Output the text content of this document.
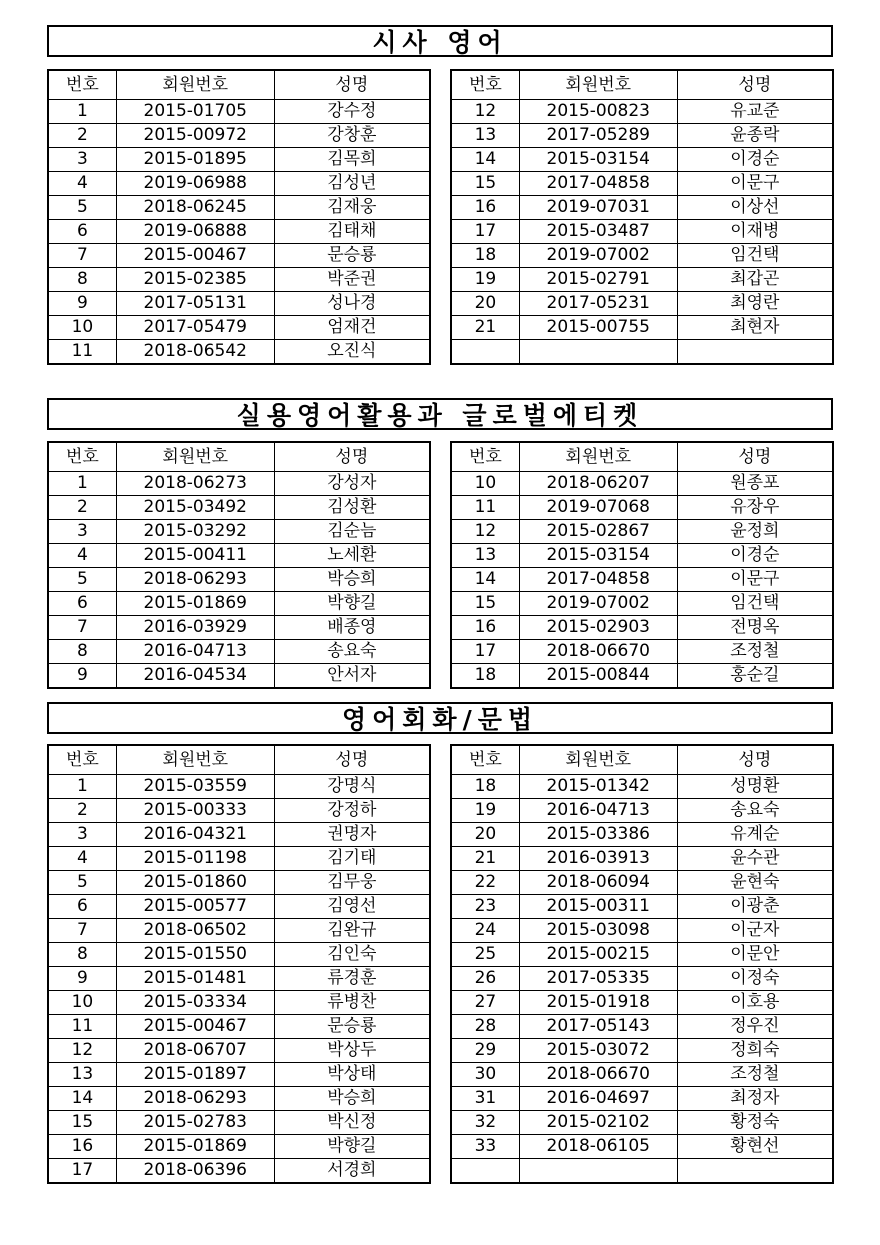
시사 영어
번호	회원번호	성명
1	2015-01705	강수정
2	2015-00972	강창훈
3	2015-01895	김목희
4	2019-06988	김성년
5	2018-06245	김재웅
6	2019-06888	김태채
7	2015-00467	문승룡
8	2015-02385	박준권
9	2017-05131	성나경
10	2017-05479	엄재건
11	2018-06542	오진식
번호	회원번호	성명
12	2015-00823	유교준
13	2017-05289	윤종락
14	2015-03154	이경순
15	2017-04858	이문구
16	2019-07031	이상선
17	2015-03487	이재병
18	2019-07002	임건택
19	2015-02791	최갑곤
20	2017-05231	최영란
21	2015-00755	최현자

실용영어활용과 글로벌에티켓
번호	회원번호	성명
1	2018-06273	강성자
2	2015-03492	김성환
3	2015-03292	김순늠
4	2015-00411	노세환
5	2018-06293	박승희
6	2015-01869	박향길
7	2016-03929	배종영
8	2016-04713	송요숙
9	2016-04534	안서자
번호	회원번호	성명
10	2018-06207	원종포
11	2019-07068	유장우
12	2015-02867	윤정희
13	2015-03154	이경순
14	2017-04858	이문구
15	2019-07002	임건택
16	2015-02903	전명옥
17	2018-06670	조정철
18	2015-00844	홍순길
영어회화/문법
번호	회원번호	성명
1	2015-03559	강명식
2	2015-00333	강정하
3	2016-04321	권명자
4	2015-01198	김기태
5	2015-01860	김무웅
6	2015-00577	김영선
7	2018-06502	김완규
8	2015-01550	김인숙
9	2015-01481	류경훈
10	2015-03334	류병찬
11	2015-00467	문승룡
12	2018-06707	박상두
13	2015-01897	박상태
14	2018-06293	박승희
15	2015-02783	박신정
16	2015-01869	박향길
17	2018-06396	서경희
번호	회원번호	성명
18	2015-01342	성명환
19	2016-04713	송요숙
20	2015-03386	유계순
21	2016-03913	윤수관
22	2018-06094	윤현숙
23	2015-00311	이광춘
24	2015-03098	이군자
25	2015-00215	이문안
26	2017-05335	이정숙
27	2015-01918	이호용
28	2017-05143	정우진
29	2015-03072	정희숙
30	2018-06670	조정철
31	2016-04697	최정자
32	2015-02102	황정숙
33	2018-06105	황현선
